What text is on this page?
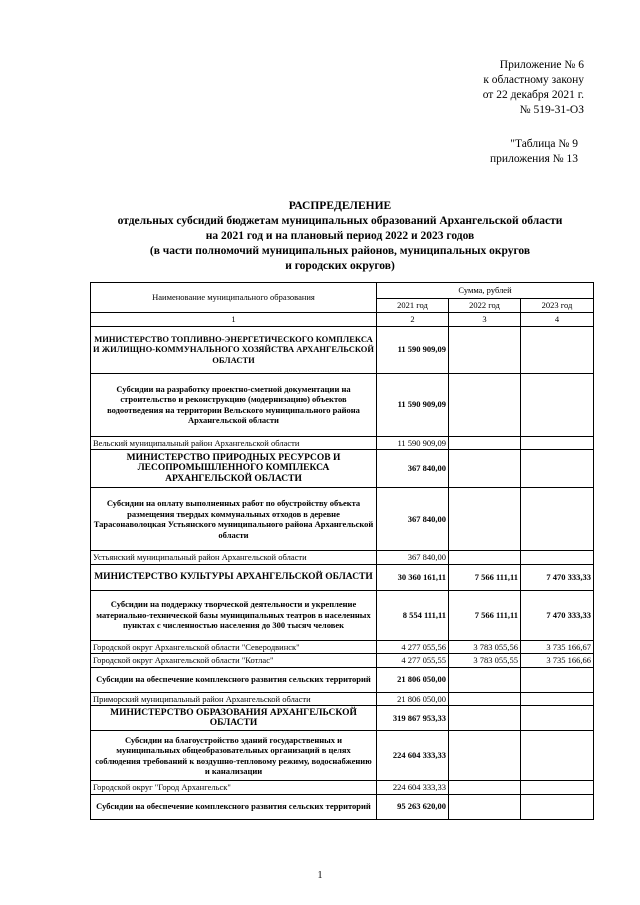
Приложение № 6
к областному закону
от 22 декабря 2021 г.
№ 519-31-ОЗ
"Таблица № 9
приложения № 13
РАСПРЕДЕЛЕНИЕ
отдельных субсидий бюджетам муниципальных образований Архангельской области
на 2021 год и на плановый период 2022 и 2023 годов
(в части полномочий муниципальных районов, муниципальных округов
и городских округов)
Наименование муниципального образования	Сумма, рублей		
	2021 год	2022 год	2023 год
1	2	3	4
МИНИСТЕРСТВО ТОПЛИВНО-ЭНЕРГЕТИЧЕСКОГО КОМПЛЕКСА И ЖИЛИЩНО-КОММУНАЛЬНОГО ХОЗЯЙСТВА АРХАНГЕЛЬСКОЙ ОБЛАСТИ	11 590 909,09		
Субсидии на разработку проектно-сметной документации на строительство и реконструкцию (модернизацию) объектов водоотведения на территории Вельского муниципального района Архангельской области	11 590 909,09		
Вельский муниципальный район Архангельской области	11 590 909,09		
МИНИСТЕРСТВО ПРИРОДНЫХ РЕСУРСОВ И ЛЕСОПРОМЫШЛЕННОГО КОМПЛЕКСА АРХАНГЕЛЬСКОЙ ОБЛАСТИ	367 840,00		
Субсидии на оплату выполненных работ по обустройству объекта размещения твердых коммунальных отходов в деревне Тарасонаволоцкая Устьянского муниципального района Архангельской области	367 840,00		
Устьянский муниципальный район Архангельской области	367 840,00		
МИНИСТЕРСТВО КУЛЬТУРЫ АРХАНГЕЛЬСКОЙ ОБЛАСТИ	30 360 161,11	7 566 111,11	7 470 333,33
Субсидии на поддержку творческой деятельности и укрепление материально-технической базы муниципальных театров в населенных пунктах с численностью населения до 300 тысяч человек	8 554 111,11	7 566 111,11	7 470 333,33
Городской округ Архангельской области "Северодвинск"	4 277 055,56	3 783 055,56	3 735 166,67
Городской округ Архангельской области "Котлас"	4 277 055,55	3 783 055,55	3 735 166,66
Субсидии на обеспечение комплексного развития сельских территорий	21 806 050,00		
Приморский муниципальный район Архангельской области	21 806 050,00		
МИНИСТЕРСТВО ОБРАЗОВАНИЯ АРХАНГЕЛЬСКОЙ ОБЛАСТИ	319 867 953,33		
Субсидии на благоустройство зданий государственных и муниципальных общеобразовательных организаций в целях соблюдения требований к воздушно-тепловому режиму, водоснабжению и канализации	224 604 333,33		
Городской округ "Город Архангельск"	224 604 333,33		
Субсидии на обеспечение комплексного развития сельских территорий	95 263 620,00		
1
